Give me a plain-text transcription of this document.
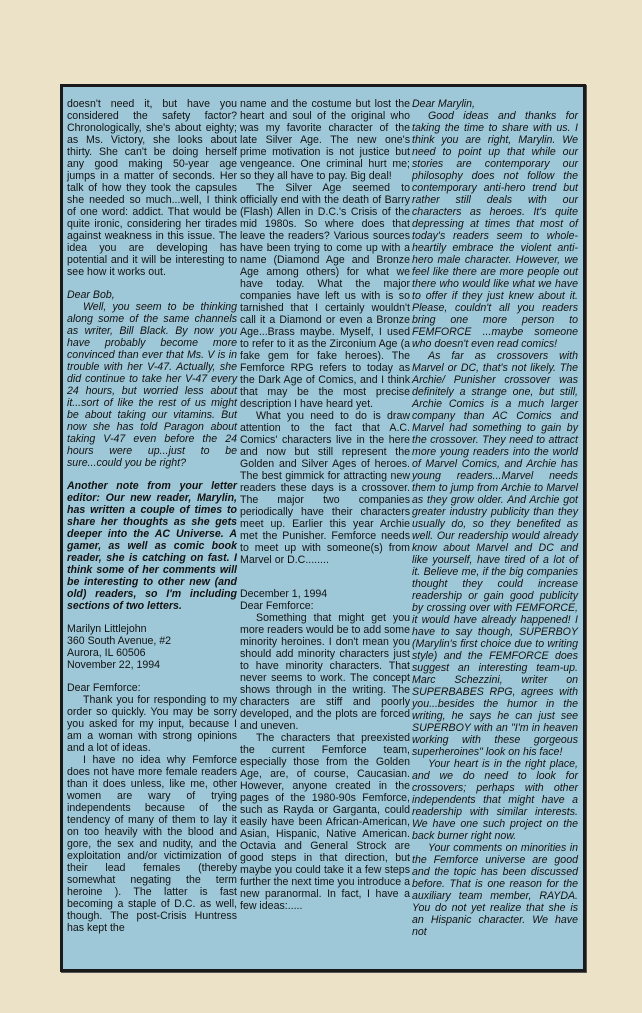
doesn't need it, but have you considered the safety factor? Chronologically, she's about eighty; as Ms. Victory, she looks about thirty. She can't be doing herself any good making 50-year age jumps in a matter of seconds. Her talk of how they took the capsules she needed so much...well, I think of one word: addict. That would be quite ironic, considering her tirades against weakness in this issue. The idea you are developing has potential and it will be interesting to see how it works out.

Dear Bob,

Well, you seem to be thinking along some of the same channels as writer, Bill Black. By now you have probably become more convinced than ever that Ms. V is in trouble with her V-47. Actually, she did continue to take her V-47 every 24 hours, but worried less about it...sort of like the rest of us might be about taking our vitamins. But now she has told Paragon about taking V-47 even before the 24 hours were up...just to be sure...could you be right?

Another note from your letter editor: Our new reader, Marylin, has written a couple of times to share her thoughts as she gets deeper into the AC Universe. A gamer, as well as comic book reader, she is catching on fast. I think some of her comments will be interesting to other new (and old) readers, so I'm including sections of two letters.

Marilyn Littlejohn

360 South Avenue, #2

Aurora, IL 60506

November 22, 1994

Dear Femforce:

Thank you for responding to my order so quickly. You may be sorry you asked for my input, because I am a woman with strong opinions and a lot of ideas.

I have no idea why Femforce does not have more female readers than it does unless, like me, other women are wary of trying independents because of the tendency of many of them to lay it on too heavily with the blood and gore, the sex and nudity, and the exploitation and/or victimization of their lead females (thereby somewhat negating the term heroine ). The latter is fast becoming a staple of D.C. as well, though. The post-Crisis Huntress has kept the

name and the costume but lost the heart and soul of the original who was my favorite character of the late Silver Age. The new one's prime motivation is not justice but vengeance. One criminal hurt me; so they all have to pay. Big deal!

The Silver Age seemed to officially end with the death of Barry (Flash) Allen in D.C.'s Crisis of the mid 1980s. So where does that leave the readers? Various sources have been trying to come up with a name (Diamond Age and Bronze Age among others) for what we have today. What the major companies have left us with is so tarnished that I certainly wouldn't call it a Diamond or even a Bronze Age...Brass maybe. Myself, I used to refer to it as the Zirconium Age (a fake gem for fake heroes). The Femforce RPG refers to today as the Dark Age of Comics, and I think that may be the most precise description I have heard yet.

What you need to do is draw attention to the fact that A.C. Comics' characters live in the here and now but still represent the Golden and Silver Ages of heroes. The best gimmick for attracting new readers these days is a crossover. The major two companies periodically have their characters meet up. Earlier this year Archie met the Punisher. Femforce needs to meet up with someone(s) from Marvel or D.C........

December 1, 1994

Dear Femforce:

Something that might get you more readers would be to add some minority heroines. I don't mean you should add minority characters just to have minority characters. That never seems to work. The concept shows through in the writing. The characters are stiff and poorly developed, and the plots are forced and uneven.

The characters that preexisted the current Femforce team, especially those from the Golden Age, are, of course, Caucasian. However, anyone created in the pages of the 1980-90s Femforce, such as Rayda or Garganta, could easily have been African-American, Asian, Hispanic, Native American. Octavia and General Strock are good steps in that direction, but maybe you could take it a few steps further the next time you introduce a new paranormal. In fact, I have a few ideas:.....

Dear Marylin,

Good ideas and thanks for taking the time to share with us. I think you are right, Marylin. We need to point up that while our stories are contemporary our philosophy does not follow the contemporary anti-hero trend but rather still deals with our characters as heroes. It's quite depressing at times that most of today's readers seem to whole-heartily embrace the violent anti-hero male character. However, we feel like there are more people out there who would like what we have to offer if they just knew about it. Please, couldn't all you readers bring one more person to FEMFORCE ...maybe someone who doesn't even read comics!

As far as crossovers with Marvel or DC, that's not likely. The Archie/ Punisher crossover was definitely a strange one, but still, Archie Comics is a much larger company than AC Comics and Marvel had something to gain by the crossover. They need to attract more young readers into the world of Marvel Comics, and Archie has young readers...Marvel needs them to jump from Archie to Marvel as they grow older. And Archie got greater industry publicity than they usually do, so they benefited as well. Our readership would already know about Marvel and DC and like yourself, have tired of a lot of it. Believe me, if the big companies thought they could increase readership or gain good publicity by crossing over with FEMFORCE, it would have already happened! I have to say though, SUPERBOY (Marylin's first choice due to writing style) and the FEMFORCE does suggest an interesting team-up. Marc Schezzini, writer on SUPERBABES RPG, agrees with you...besides the humor in the writing, he says he can just see SUPERBOY with an "I'm in heaven working with these gorgeous superheroines" look on his face!

Your heart is in the right place, and we do need to look for crossovers; perhaps with other independents that might have a readership with similar interests. We have one such project on the back burner right now.

Your comments on minorities in the Femforce universe are good and the topic has been discussed before. That is one reason for the auxiliary team member, RAYDA. You do not yet realize that she is an Hispanic character. We have not
